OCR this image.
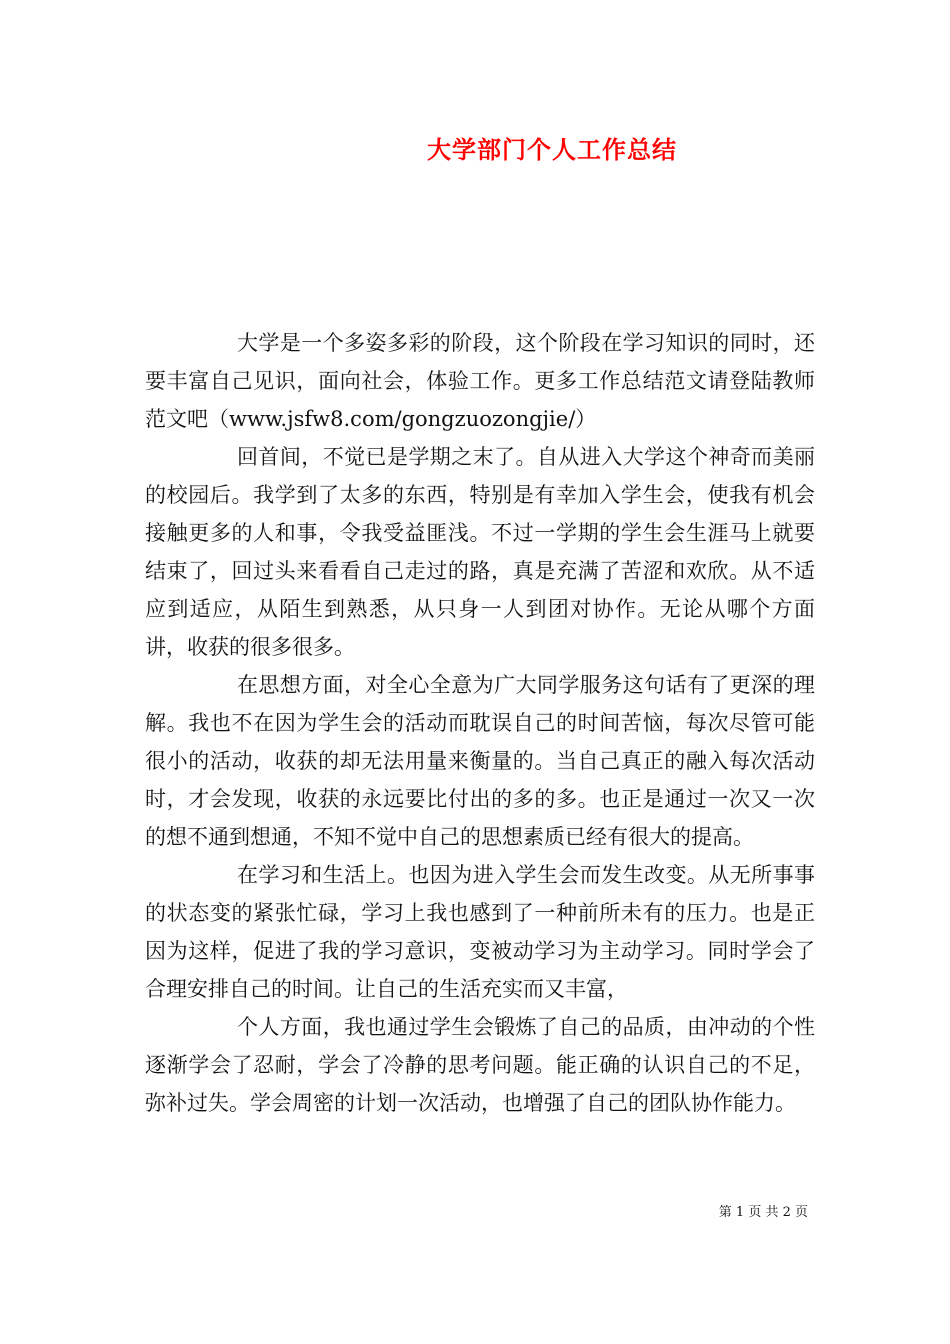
大学部门个人工作总结

大学是一个多姿多彩的阶段，这个阶段在学习知识的同时，还要丰富自己见识，面向社会，体验工作。更多工作总结范文请登陆教师范文吧（www.jsfw8.com/gongzuozongjie/）

回首间，不觉已是学期之末了。自从进入大学这个神奇而美丽的校园后。我学到了太多的东西，特别是有幸加入学生会，使我有机会接触更多的人和事，令我受益匪浅。不过一学期的学生会生涯马上就要结束了，回过头来看看自己走过的路，真是充满了苦涩和欢欣。从不适应到适应，从陌生到熟悉，从只身一人到团对协作。无论从哪个方面讲，收获的很多很多。

在思想方面，对全心全意为广大同学服务这句话有了更深的理解。我也不在因为学生会的活动而耽误自己的时间苦恼，每次尽管可能很小的活动，收获的却无法用量来衡量的。当自己真正的融入每次活动时，才会发现，收获的永远要比付出的多的多。也正是通过一次又一次的想不通到想通，不知不觉中自己的思想素质已经有很大的提高。

在学习和生活上。也因为进入学生会而发生改变。从无所事事的状态变的紧张忙碌，学习上我也感到了一种前所未有的压力。也是正因为这样，促进了我的学习意识，变被动学习为主动学习。同时学会了合理安排自己的时间。让自己的生活充实而又丰富，

个人方面，我也通过学生会锻炼了自己的品质，由冲动的个性逐渐学会了忍耐，学会了冷静的思考问题。能正确的认识自己的不足，弥补过失。学会周密的计划一次活动，也增强了自己的团队协作能力。

第 1 页 共 2 页
